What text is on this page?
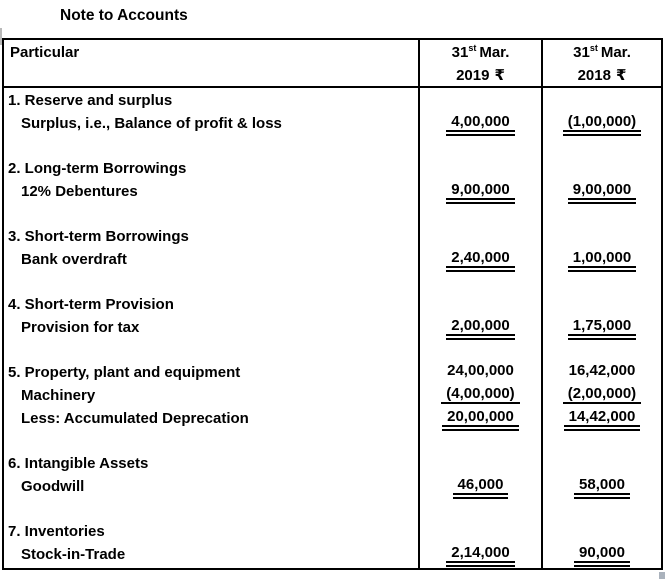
Note to Accounts
Particular	31st Mar.
2019 ₹
31st Mar.
2018 ₹
1. Reserve and surplus
Surplus, i.e., Balance of profit & loss
2. Long-term Borrowings
12% Debentures
3. Short-term Borrowings
Bank overdraft
4. Short-term Provision
Provision for tax
5. Property, plant and equipment
Machinery
Less: Accumulated Deprecation
6. Intangible Assets
Goodwill
7. Inventories
Stock-in-Trade
4,00,000
9,00,000
2,40,000
2,00,000
24,00,000
(4,00,000)
20,00,000
46,000
2,14,000
(1,00,000)
9,00,000
1,00,000
1,75,000
16,42,000
(2,00,000)
14,42,000
58,000
90,000
